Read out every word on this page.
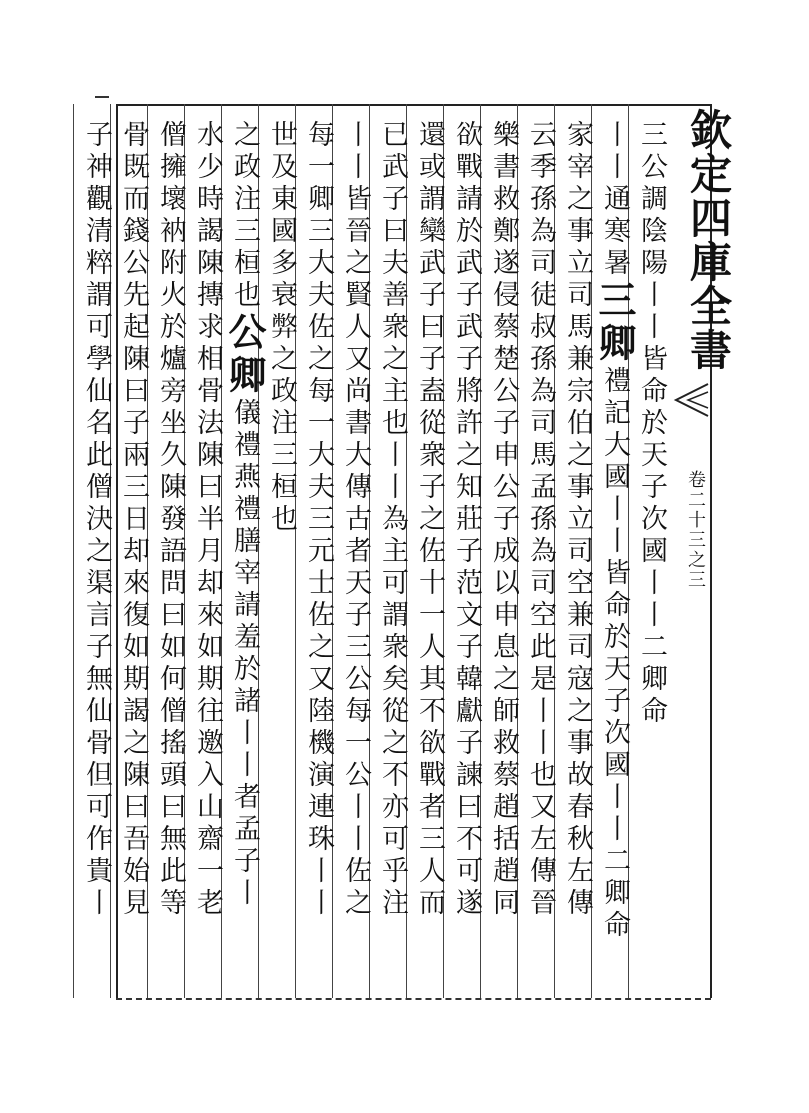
欽定四庫全書
卷二十三之三
三公調陰陽丨丨皆命於天子次國丨丨二卿命
丨丨通寒暑三卿禮記大國丨丨皆命於天子次國丨丨二卿命
家宰之事立司馬兼宗伯之事立司空兼司寇之事故春秋左傳
云季孫為司徒叔孫為司馬孟孫為司空此是丨丨也又左傳晉
樂書救鄭遂侵蔡楚公子申公子成以申息之師救蔡趙括趙同
欲戰請於武子武子將許之知莊子范文子韓獻子諫曰不可遂
還或謂欒武子曰子盍從衆子之佐十一人其不欲戰者三人而
已武子曰夫善衆之主也丨丨為主可謂衆矣從之不亦可乎注
丨丨皆晉之賢人又尚書大傳古者天子三公每一公丨丨佐之
每一卿三大夫佐之每一大夫三元士佐之又陸機演連珠丨丨
世及東國多衰弊之政注三桓也
之政注三桓也公卿儀禮燕禮膳宰請羞於諸丨丨者孟子丨
水少時謁陳摶求相骨法陳曰半月却來如期往邀入山齋一老
僧擁壞衲附火於爐旁坐久陳發語問曰如何僧搖頭曰無此等
骨既而錢公先起陳曰子兩三日却來復如期謁之陳曰吾始見
子神觀清粹謂可學仙名此僧決之渠言子無仙骨但可作貴丨
